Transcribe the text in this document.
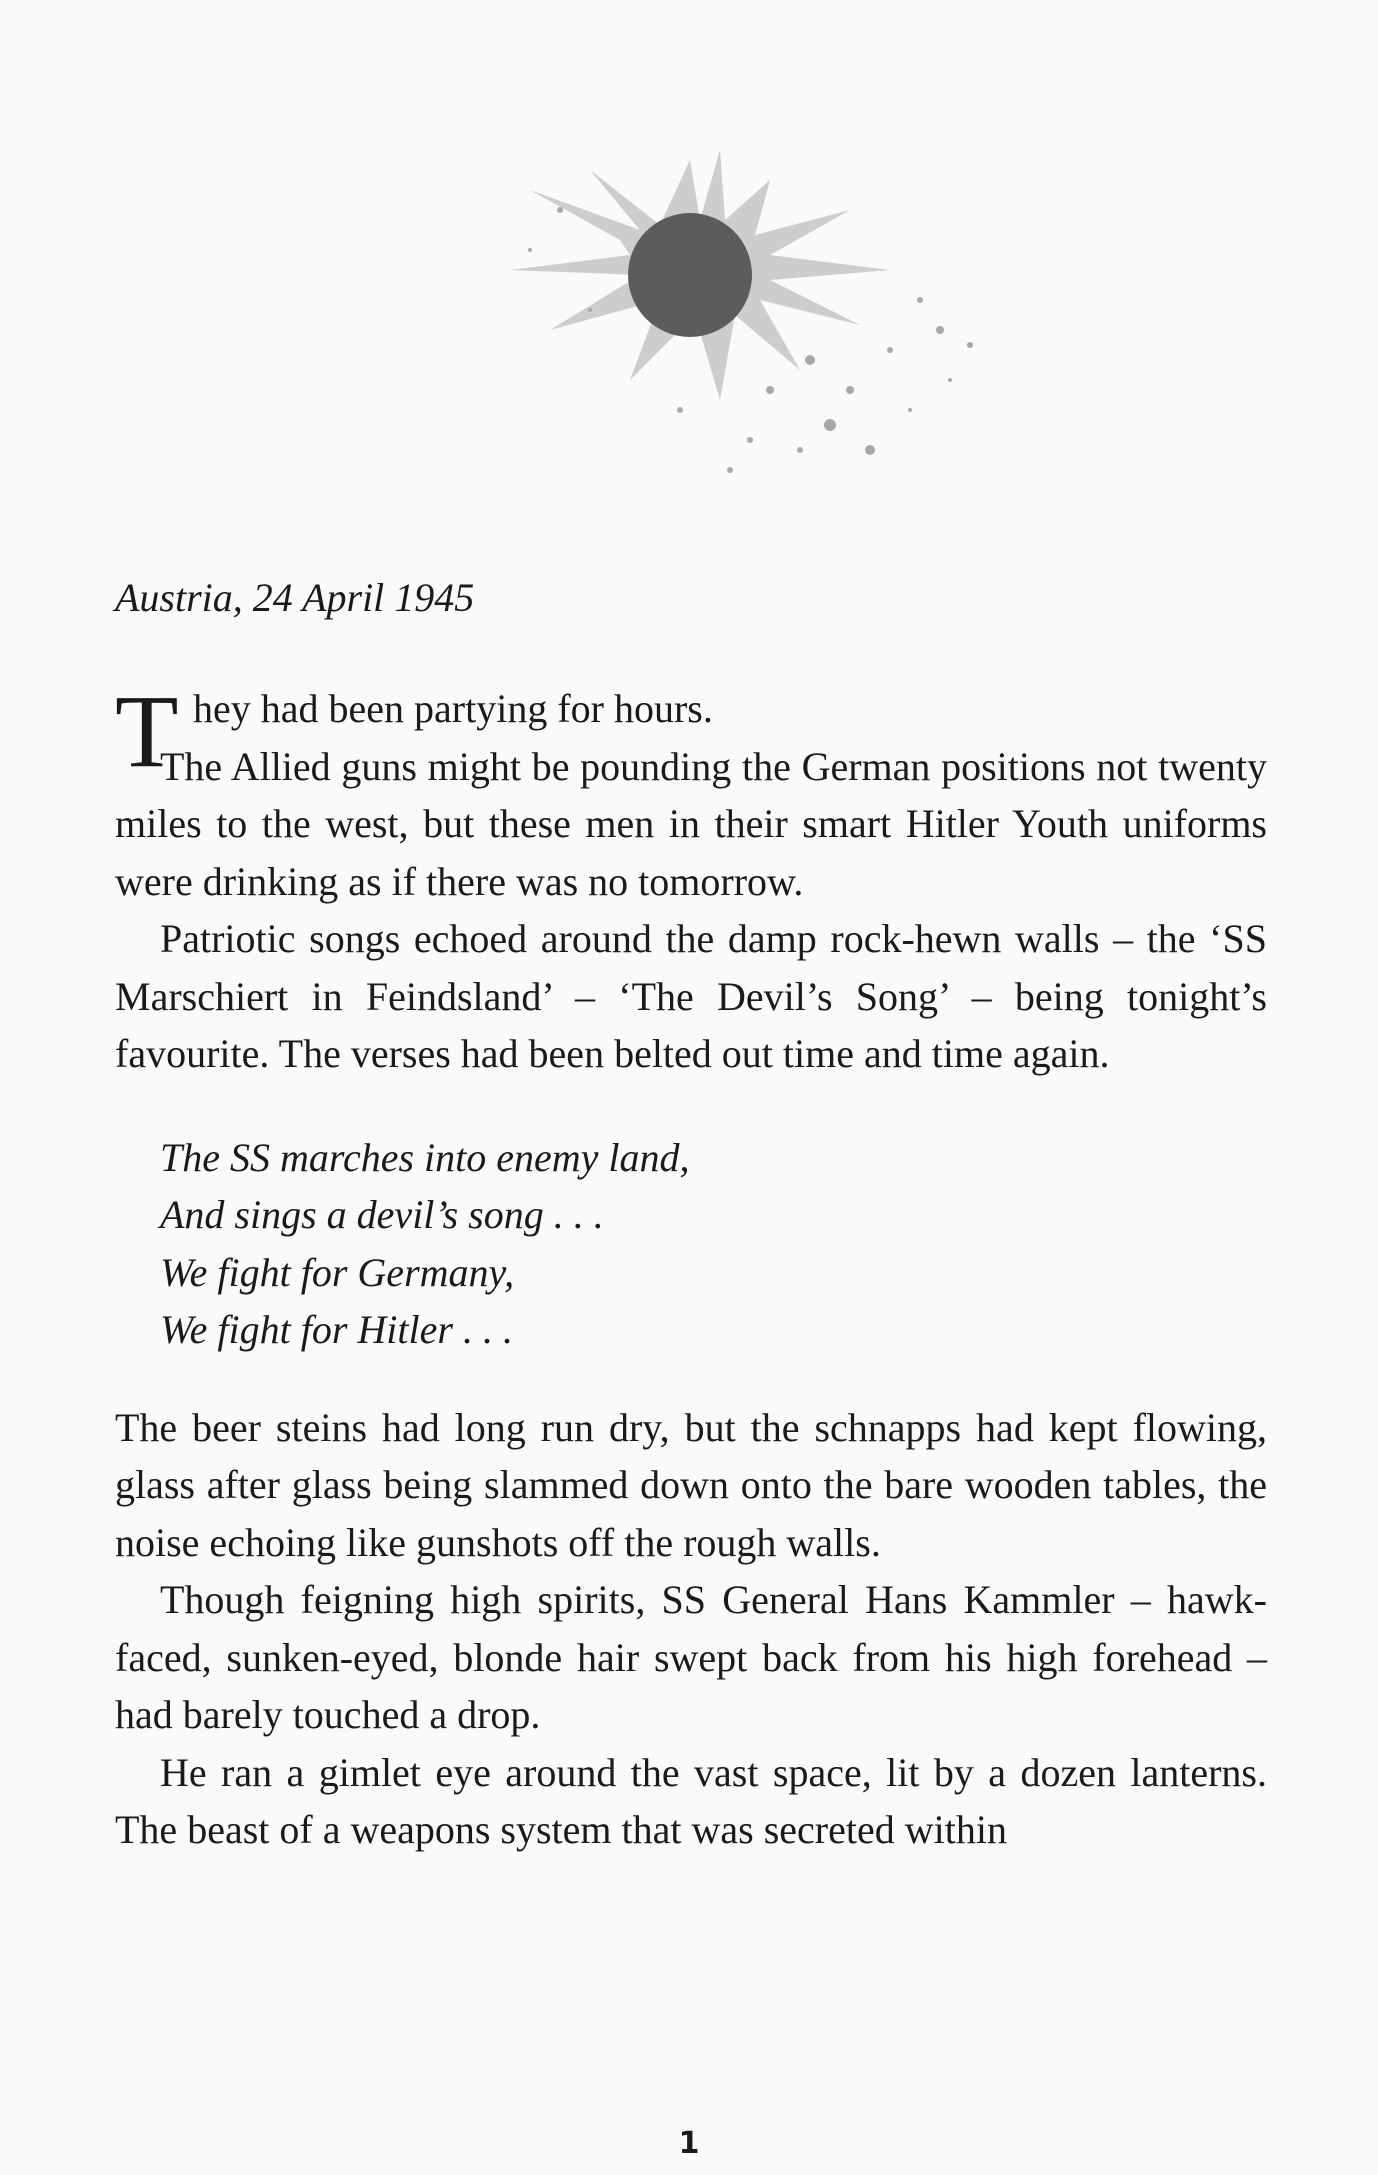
Austria, 24 April 1945

T hey had been partying for hours.

The Allied guns might be pounding the German positions not twenty miles to the west, but these men in their smart Hitler Youth uniforms were drinking as if there was no tomorrow.

Patriotic songs echoed around the damp rock-hewn walls – the ‘SS Marschiert in Feindsland’ – ‘The Devil’s Song’ – being tonight’s favourite. The verses had been belted out time and time again.

The SS marches into enemy land,
And sings a devil’s song . . .
We fight for Germany,
We fight for Hitler . . .

The beer steins had long run dry, but the schnapps had kept flowing, glass after glass being slammed down onto the bare wooden tables, the noise echoing like gunshots off the rough walls.

Though feigning high spirits, SS General Hans Kammler – hawk-faced, sunken-eyed, blonde hair swept back from his high forehead – had barely touched a drop.

He ran a gimlet eye around the vast space, lit by a dozen lanterns. The beast of a weapons system that was secreted within

1
